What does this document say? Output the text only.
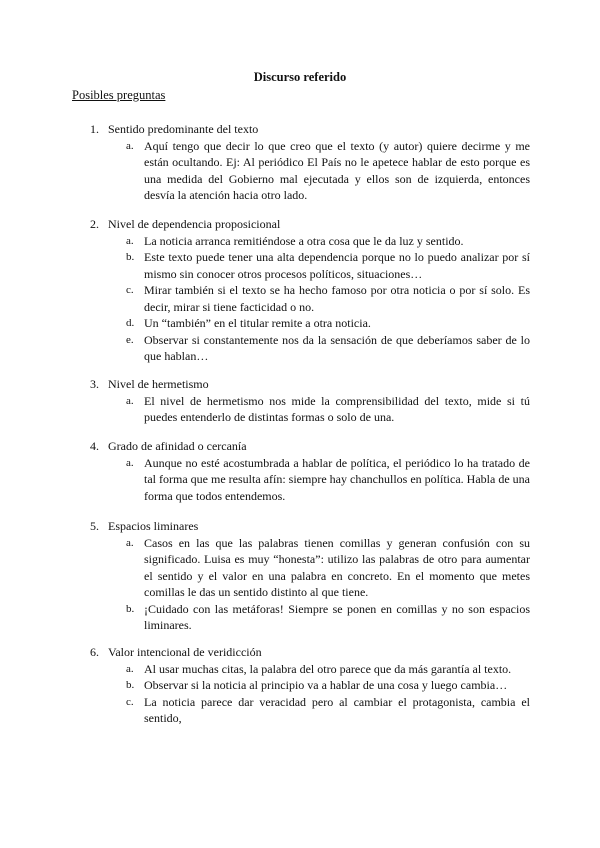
Discurso referido
Posibles preguntas
1. Sentido predominante del texto
a. Aquí tengo que decir lo que creo que el texto (y autor) quiere decirme y me están ocultando. Ej: Al periódico El País no le apetece hablar de esto porque es una medida del Gobierno mal ejecutada y ellos son de izquierda, entonces desvía la atención hacia otro lado.
2. Nivel de dependencia proposicional
a. La noticia arranca remitiéndose a otra cosa que le da luz y sentido.
b. Este texto puede tener una alta dependencia porque no lo puedo analizar por sí mismo sin conocer otros procesos políticos, situaciones…
c. Mirar también si el texto se ha hecho famoso por otra noticia o por sí solo. Es decir, mirar si tiene facticidad o no.
d. Un “también” en el titular remite a otra noticia.
e. Observar si constantemente nos da la sensación de que deberíamos saber de lo que hablan…
3. Nivel de hermetismo
a. El nivel de hermetismo nos mide la comprensibilidad del texto, mide si tú puedes entenderlo de distintas formas o solo de una.
4. Grado de afinidad o cercanía
a. Aunque no esté acostumbrada a hablar de política, el periódico lo ha tratado de tal forma que me resulta afín: siempre hay chanchullos en política. Habla de una forma que todos entendemos.
5. Espacios liminares
a. Casos en las que las palabras tienen comillas y generan confusión con su significado. Luisa es muy “honesta”: utilizo las palabras de otro para aumentar el sentido y el valor en una palabra en concreto. En el momento que metes comillas le das un sentido distinto al que tiene.
b. ¡Cuidado con las metáforas! Siempre se ponen en comillas y no son espacios liminares.
6. Valor intencional de veridicción
a. Al usar muchas citas, la palabra del otro parece que da más garantía al texto.
b. Observar si la noticia al principio va a hablar de una cosa y luego cambia…
c. La noticia parece dar veracidad pero al cambiar el protagonista, cambia el sentido,
